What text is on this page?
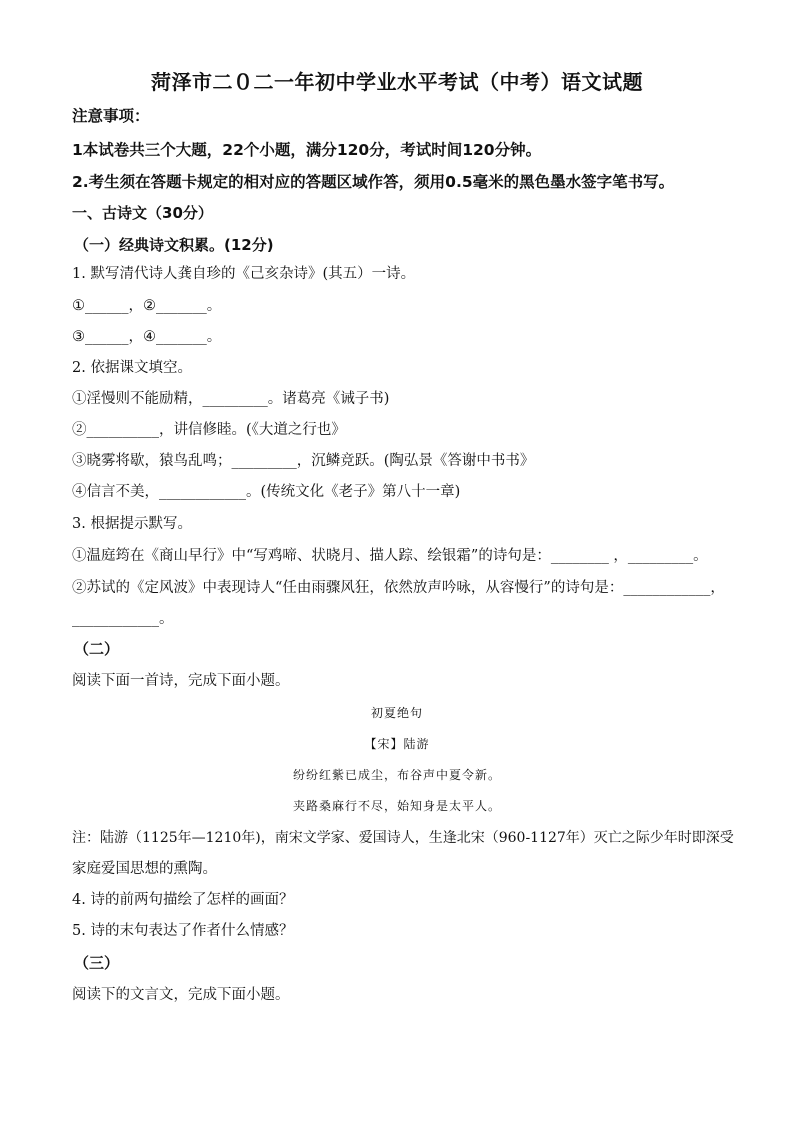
菏泽市二０二一年初中学业水平考试（中考）语文试题
注意事项：
1本试卷共三个大题，22个小题，满分120分，考试时间120分钟。
2.考生须在答题卡规定的相对应的答题区域作答，须用0.5毫米的黑色墨水签字笔书写。
一、古诗文（30分）
（一）经典诗文积累。(12分)
1. 默写清代诗人龚自珍的《己亥杂诗》(其五）一诗。
①______，②_______。
③______，④_______。
2. 依据课文填空。
①淫慢则不能励精，_________。诸葛亮《诫子书)
②__________，讲信修睦。(《大道之行也》
③晓雾将歇，猿鸟乱鸣；_________，沉鳞竞跃。(陶弘景《答谢中书书》
④信言不美，____________。(传统文化《老子》第八十一章)
3. 根据提示默写。
①温庭筠在《商山早行》中“写鸡啼、状晓月、描人踪、绘银霜”的诗句是：________ ，_________。
②苏试的《定风波》中表现诗人“任由雨骤风狂，依然放声吟咏，从容慢行”的诗句是：____________，
____________。
（二）
阅读下面一首诗，完成下面小题。
初夏绝句
【宋】陆游
纷纷红紫已成尘，布谷声中夏令新。
夹路桑麻行不尽，始知身是太平人。
注：陆游（1125年—1210年)，南宋文学家、爱国诗人，生逢北宋（960-1127年）灭亡之际少年时即深受
家庭爱国思想的熏陶。
4. 诗的前两句描绘了怎样的画面？
5. 诗的末句表达了作者什么情感？
（三）
阅读下的文言文，完成下面小题。
